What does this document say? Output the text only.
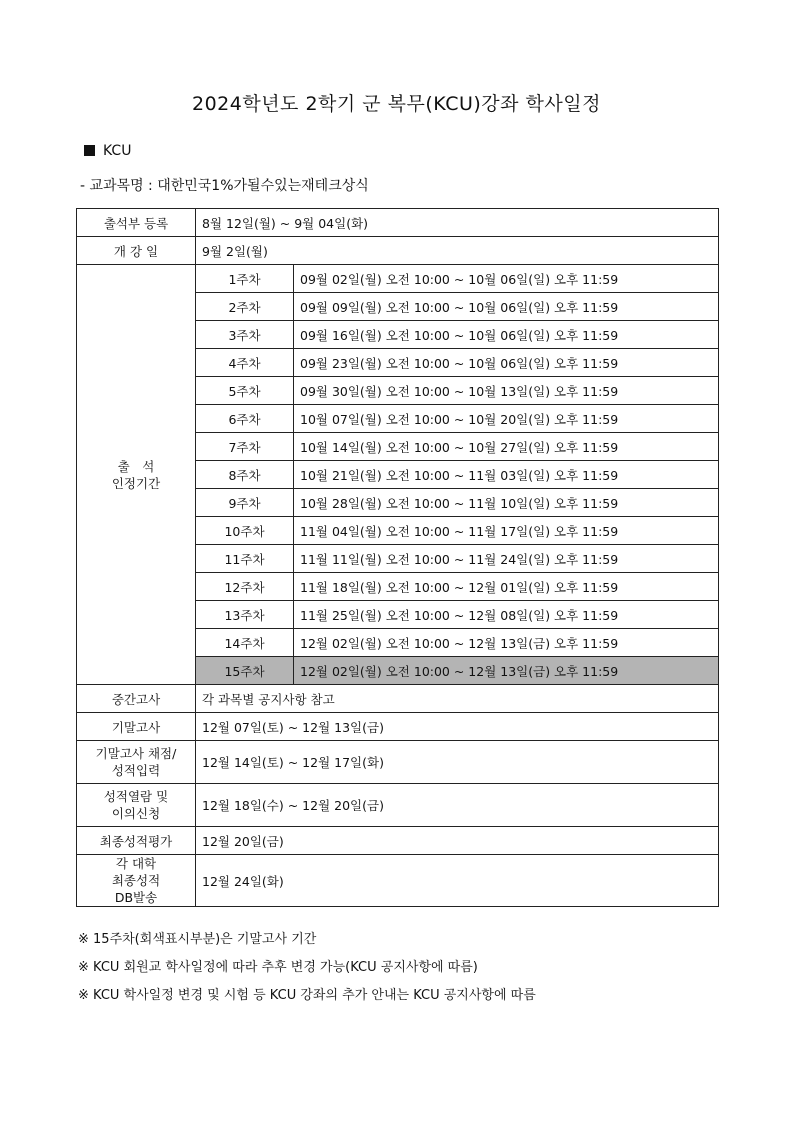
2024학년도 2학기 군 복무(KCU)강좌 학사일정
KCU
- 교과목명 : 대한민국1%가될수있는재테크상식
출석부 등록	8월 12일(월) ~ 9월 04일(화)	
개 강 일	9월 2일(월)	
출　석
인정기간	1주차	09월 02일(월) 오전 10:00 ~ 10월 06일(일) 오후 11:59
	2주차	09월 09일(월) 오전 10:00 ~ 10월 06일(일) 오후 11:59
	3주차	09월 16일(월) 오전 10:00 ~ 10월 06일(일) 오후 11:59
	4주차	09월 23일(월) 오전 10:00 ~ 10월 06일(일) 오후 11:59
	5주차	09월 30일(월) 오전 10:00 ~ 10월 13일(일) 오후 11:59
	6주차	10월 07일(월) 오전 10:00 ~ 10월 20일(일) 오후 11:59
	7주차	10월 14일(월) 오전 10:00 ~ 10월 27일(일) 오후 11:59
	8주차	10월 21일(월) 오전 10:00 ~ 11월 03일(일) 오후 11:59
	9주차	10월 28일(월) 오전 10:00 ~ 11월 10일(일) 오후 11:59
	10주차	11월 04일(월) 오전 10:00 ~ 11월 17일(일) 오후 11:59
	11주차	11월 11일(월) 오전 10:00 ~ 11월 24일(일) 오후 11:59
	12주차	11월 18일(월) 오전 10:00 ~ 12월 01일(일) 오후 11:59
	13주차	11월 25일(월) 오전 10:00 ~ 12월 08일(일) 오후 11:59
	14주차	12월 02일(월) 오전 10:00 ~ 12월 13일(금) 오후 11:59
	15주차	12월 02일(월) 오전 10:00 ~ 12월 13일(금) 오후 11:59
중간고사	각 과목별 공지사항 참고	
기말고사	12월 07일(토) ~ 12월 13일(금)	
기말고사 채점/
성적입력	12월 14일(토) ~ 12월 17일(화)	
성적열람 및
이의신청	12월 18일(수) ~ 12월 20일(금)	
최종성적평가	12월 20일(금)	
각 대학
최종성적
DB발송	12월 24일(화)	
※ 15주차(회색표시부분)은 기말고사 기간
※ KCU 회원교 학사일정에 따라 추후 변경 가능(KCU 공지사항에 따름)
※ KCU 학사일정 변경 및 시험 등 KCU 강좌의 추가 안내는 KCU 공지사항에 따름
